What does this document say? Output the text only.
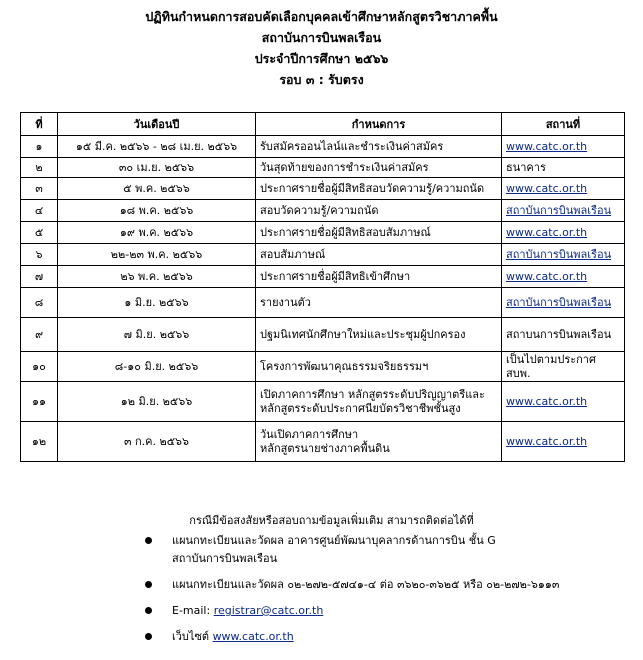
ปฏิทินกำหนดการสอบคัดเลือกบุคคลเข้าศึกษาหลักสูตรวิชาภาคพื้น
สถาบันการบินพลเรือน
ประจำปีการศึกษา ๒๕๖๖
รอบ ๓ : รับตรง
ที่	วันเดือนปี	กำหนดการ	สถานที่
๑	๑๕ มี.ค. ๒๕๖๖ - ๒๘ เม.ย. ๒๕๖๖	รับสมัครออนไลน์และชำระเงินค่าสมัคร	www.catc.or.th
๒	๓๐ เม.ย. ๒๕๖๖	วันสุดท้ายของการชำระเงินค่าสมัคร	ธนาคาร
๓	๕ พ.ค. ๒๕๖๖	ประกาศรายชื่อผู้มีสิทธิสอบวัดความรู้/ความถนัด	www.catc.or.th
๔	๑๘ พ.ค. ๒๕๖๖	สอบวัดความรู้/ความถนัด	สถาบันการบินพลเรือน
๕	๑๙ พ.ค. ๒๕๖๖	ประกาศรายชื่อผู้มีสิทธิสอบสัมภาษณ์	www.catc.or.th
๖	๒๒-๒๓ พ.ค. ๒๕๖๖	สอบสัมภาษณ์	สถาบันการบินพลเรือน
๗	๒๖ พ.ค. ๒๕๖๖	ประกาศรายชื่อผู้มีสิทธิเข้าศึกษา	www.catc.or.th
๘	๑ มิ.ย. ๒๕๖๖	รายงานตัว	สถาบันการบินพลเรือน
๙	๗ มิ.ย. ๒๕๖๖	ปฐมนิเทศนักศึกษาใหม่และประชุมผู้ปกครอง	สถาบนการบินพลเรือน
๑๐	๘-๑๐ มิ.ย. ๒๕๖๖	โครงการพัฒนาคุณธรรมจริยธรรมฯ	เป็นไปตามประกาศ สบพ.
๑๑	๑๒ มิ.ย. ๒๕๖๖	เปิดภาคการศึกษา หลักสูตรระดับปริญญาตรีและ
หลักสูตรระดับประกาศนียบัตรวิชาชีพชั้นสูง	www.catc.or.th
๑๒	๓ ก.ค. ๒๕๖๖	วันเปิดภาคการศึกษา
หลักสูตรนายช่างภาคพื้นดิน	www.catc.or.th
กรณีมีข้อสงสัยหรือสอบถามข้อมูลเพิ่มเติม สามารถติดต่อได้ที่
แผนกทะเบียนและวัดผล อาคารศูนย์พัฒนาบุคลากรด้านการบิน ชั้น G
สถาบันการบินพลเรือน
แผนกทะเบียนและวัดผล ๐๒-๒๗๒-๕๗๔๑-๔ ต่อ ๓๖๒๐-๓๖๒๕ หรือ ๐๒-๒๗๒-๖๑๑๓
E-mail: registrar@catc.or.th
เว็บไซต์ www.catc.or.th
